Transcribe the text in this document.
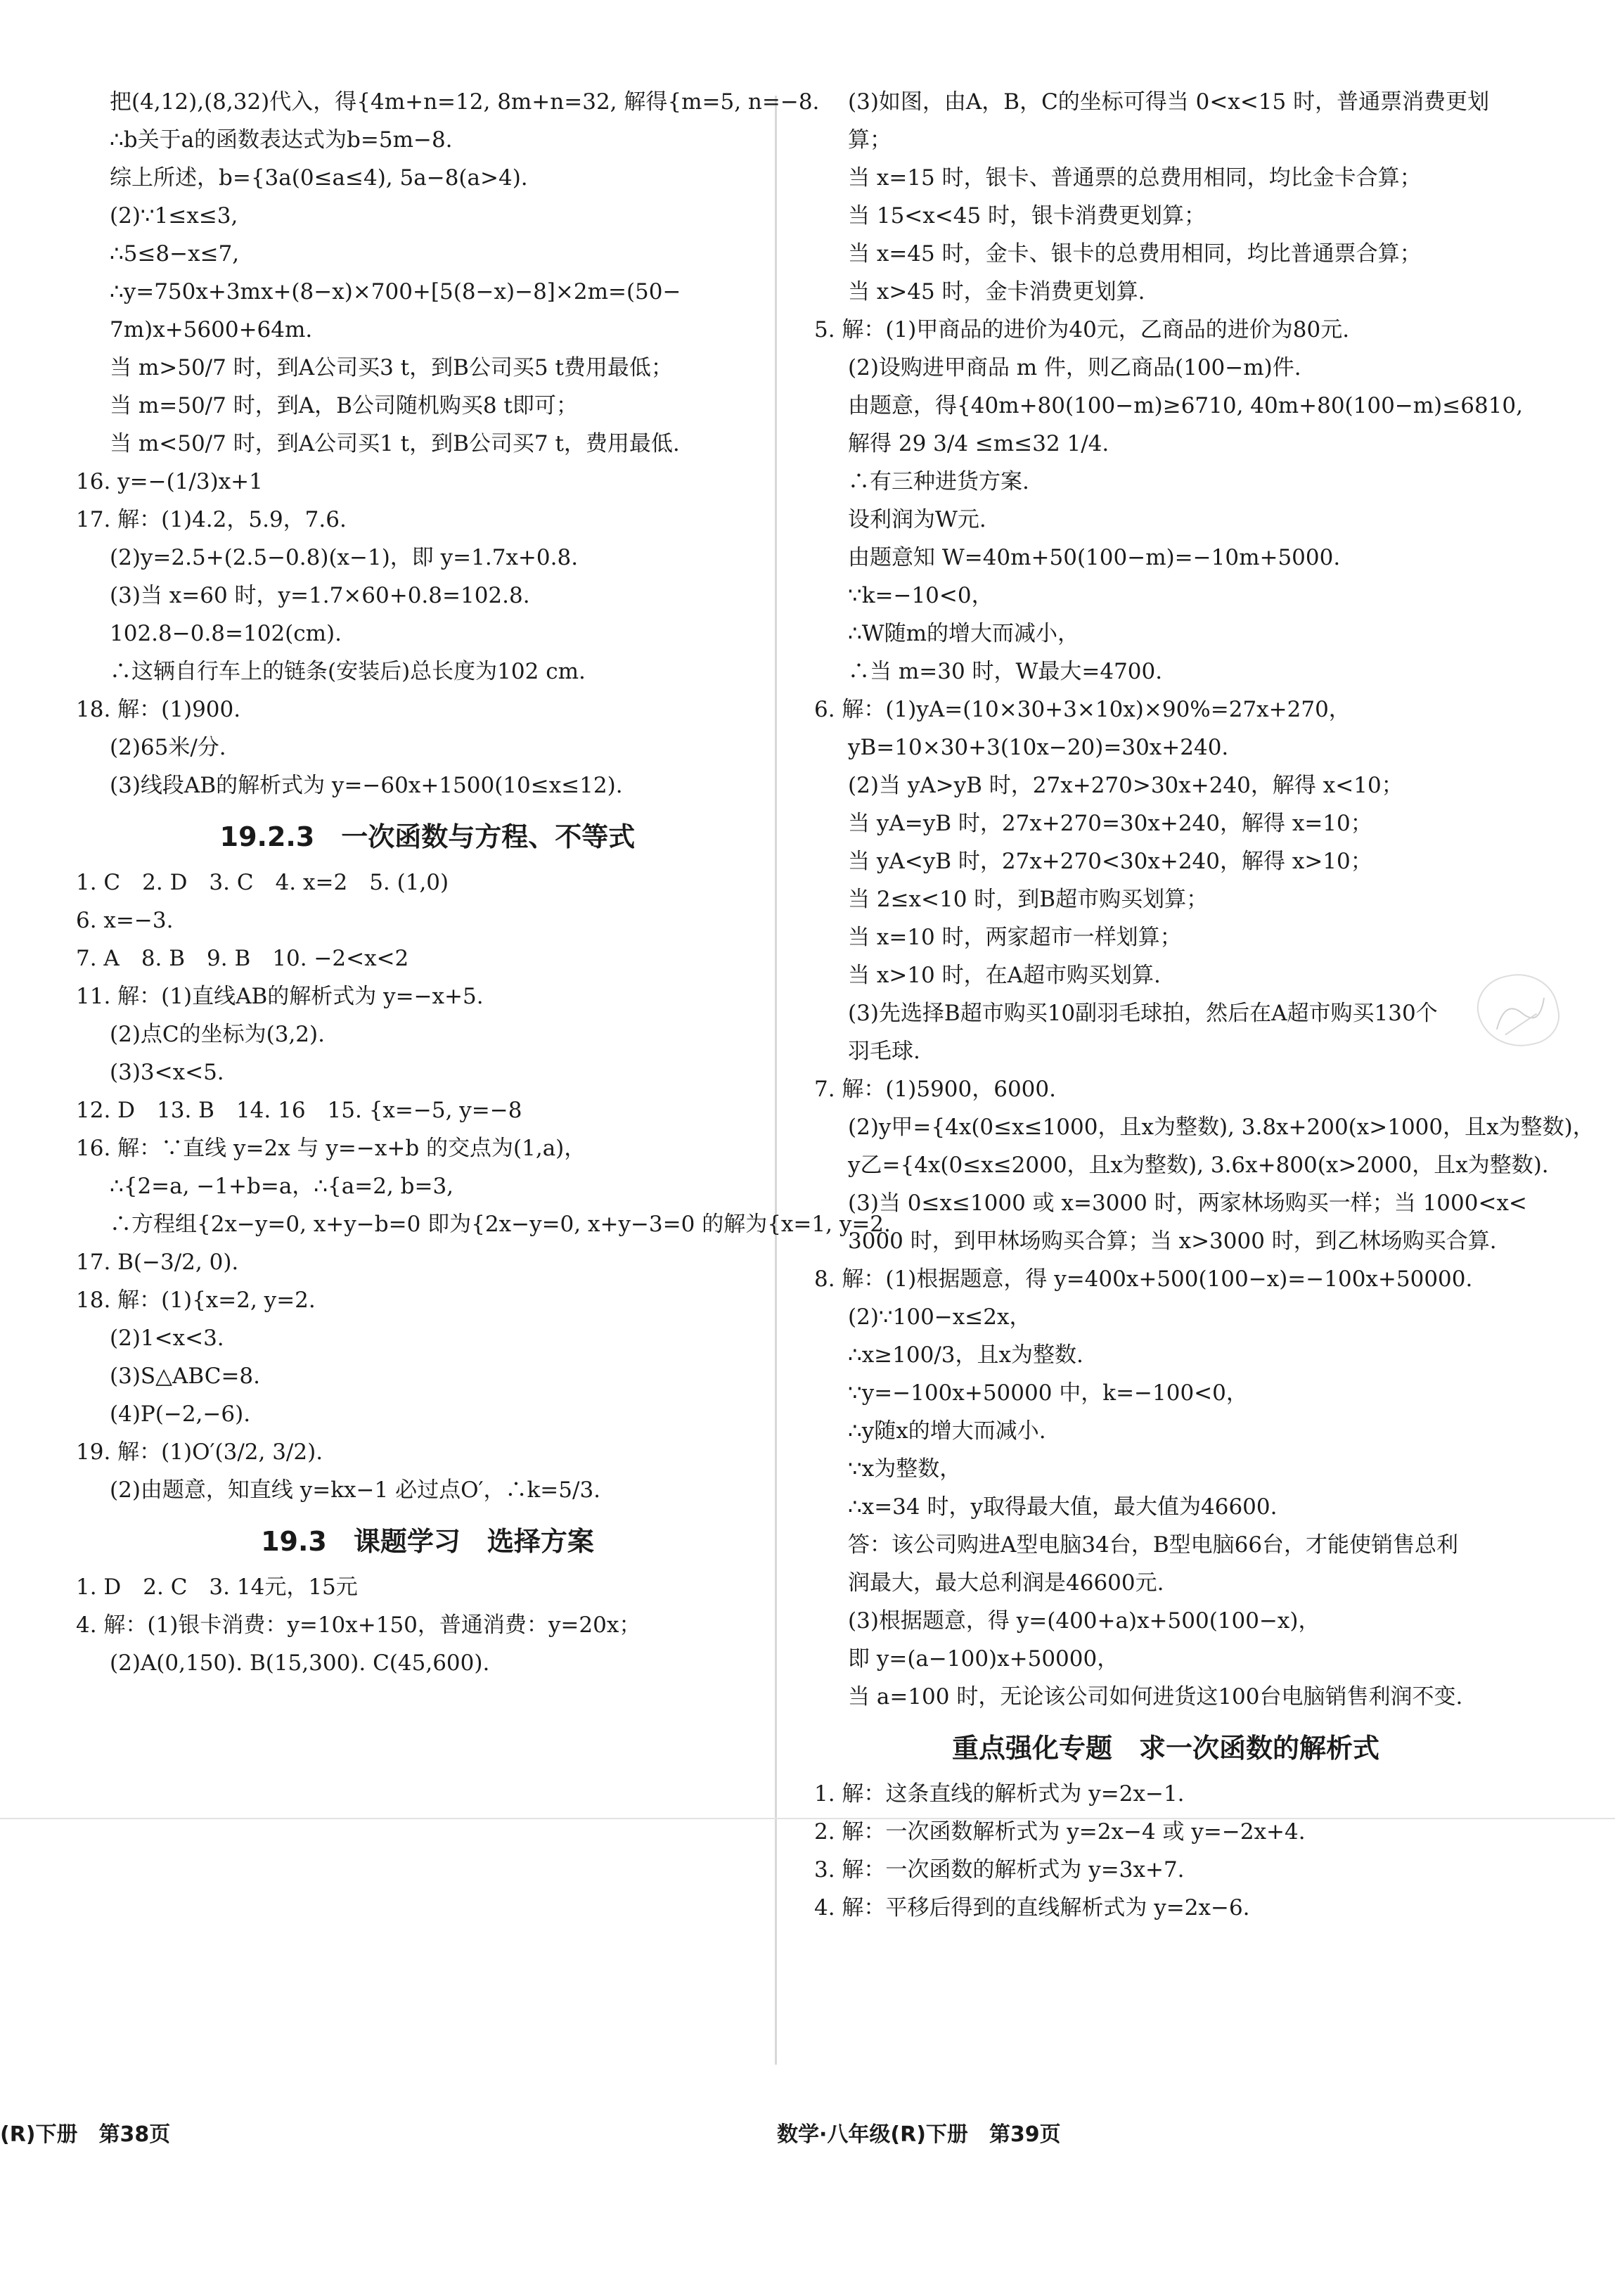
把(4,12),(8,32)代入，得{4m+n=12, 8m+n=32, 解得{m=5, n=−8.
∴b关于a的函数表达式为b=5m−8.
综上所述，b={3a(0≤a≤4), 5a−8(a>4).
(2)∵1≤x≤3,
∴5≤8−x≤7,
∴y=750x+3mx+(8−x)×700+[5(8−x)−8]×2m=(50−
7m)x+5600+64m.
当 m>50/7 时，到A公司买3 t，到B公司买5 t费用最低；
当 m=50/7 时，到A，B公司随机购买8 t即可；
当 m<50/7 时，到A公司买1 t，到B公司买7 t，费用最低.
16. y=−(1/3)x+1
17. 解：(1)4.2，5.9，7.6.
(2)y=2.5+(2.5−0.8)(x−1)，即 y=1.7x+0.8.
(3)当 x=60 时，y=1.7×60+0.8=102.8.
102.8−0.8=102(cm).
∴这辆自行车上的链条(安装后)总长度为102 cm.
18. 解：(1)900.
(2)65米/分.
(3)线段AB的解析式为 y=−60x+1500(10≤x≤12).
19.2.3　一次函数与方程、不等式
1. C　2. D　3. C　4. x=2　5. (1,0)
6. x=−3.
7. A　8. B　9. B　10. −2<x<2
11. 解：(1)直线AB的解析式为 y=−x+5.
(2)点C的坐标为(3,2).
(3)3<x<5.
12. D　13. B　14. 16　15. {x=−5, y=−8
16. 解：∵直线 y=2x 与 y=−x+b 的交点为(1,a)，
∴{2=a, −1+b=a，∴{a=2, b=3,
∴方程组{2x−y=0, x+y−b=0 即为{2x−y=0, x+y−3=0 的解为{x=1, y=2.
17. B(−3/2, 0).
18. 解：(1){x=2, y=2.
(2)1<x<3.
(3)S△ABC=8.
(4)P(−2,−6).
19. 解：(1)O′(3/2, 3/2).
(2)由题意，知直线 y=kx−1 必过点O′，∴k=5/3.
19.3　课题学习　选择方案
1. D　2. C　3. 14元，15元
4. 解：(1)银卡消费：y=10x+150，普通消费：y=20x；
(2)A(0,150). B(15,300). C(45,600).
(3)如图，由A，B，C的坐标可得当 0<x<15 时，普通票消费更划
算；
当 x=15 时，银卡、普通票的总费用相同，均比金卡合算；
当 15<x<45 时，银卡消费更划算；
当 x=45 时，金卡、银卡的总费用相同，均比普通票合算；
当 x>45 时，金卡消费更划算.
5. 解：(1)甲商品的进价为40元，乙商品的进价为80元.
(2)设购进甲商品 m 件，则乙商品(100−m)件.
由题意，得{40m+80(100−m)≥6710, 40m+80(100−m)≤6810,
解得 29 3/4 ≤m≤32 1/4.
∴有三种进货方案.
设利润为W元.
由题意知 W=40m+50(100−m)=−10m+5000.
∵k=−10<0，
∴W随m的增大而减小，
∴当 m=30 时，W最大=4700.
6. 解：(1)yA=(10×30+3×10x)×90%=27x+270，
yB=10×30+3(10x−20)=30x+240.
(2)当 yA>yB 时，27x+270>30x+240，解得 x<10；
当 yA=yB 时，27x+270=30x+240，解得 x=10；
当 yA<yB 时，27x+270<30x+240，解得 x>10；
当 2≤x<10 时，到B超市购买划算；
当 x=10 时，两家超市一样划算；
当 x>10 时，在A超市购买划算.
(3)先选择B超市购买10副羽毛球拍，然后在A超市购买130个
羽毛球.
7. 解：(1)5900，6000.
(2)y甲={4x(0≤x≤1000，且x为整数), 3.8x+200(x>1000，且x为整数)，
y乙={4x(0≤x≤2000，且x为整数), 3.6x+800(x>2000，且x为整数).
(3)当 0≤x≤1000 或 x=3000 时，两家林场购买一样；当 1000<x<
3000 时，到甲林场购买合算；当 x>3000 时，到乙林场购买合算.
8. 解：(1)根据题意，得 y=400x+500(100−x)=−100x+50000.
(2)∵100−x≤2x，
∴x≥100/3，且x为整数.
∵y=−100x+50000 中，k=−100<0，
∴y随x的增大而减小.
∵x为整数，
∴x=34 时，y取得最大值，最大值为46600.
答：该公司购进A型电脑34台，B型电脑66台，才能使销售总利
润最大，最大总利润是46600元.
(3)根据题意，得 y=(400+a)x+500(100−x)，
即 y=(a−100)x+50000，
当 a=100 时，无论该公司如何进货这100台电脑销售利润不变.
重点强化专题　求一次函数的解析式
1. 解：这条直线的解析式为 y=2x−1.
2. 解：一次函数解析式为 y=2x−4 或 y=−2x+4.
3. 解：一次函数的解析式为 y=3x+7.
4. 解：平移后得到的直线解析式为 y=2x−6.
(R)下册　第38页	数学·八年级(R)下册　第39页
